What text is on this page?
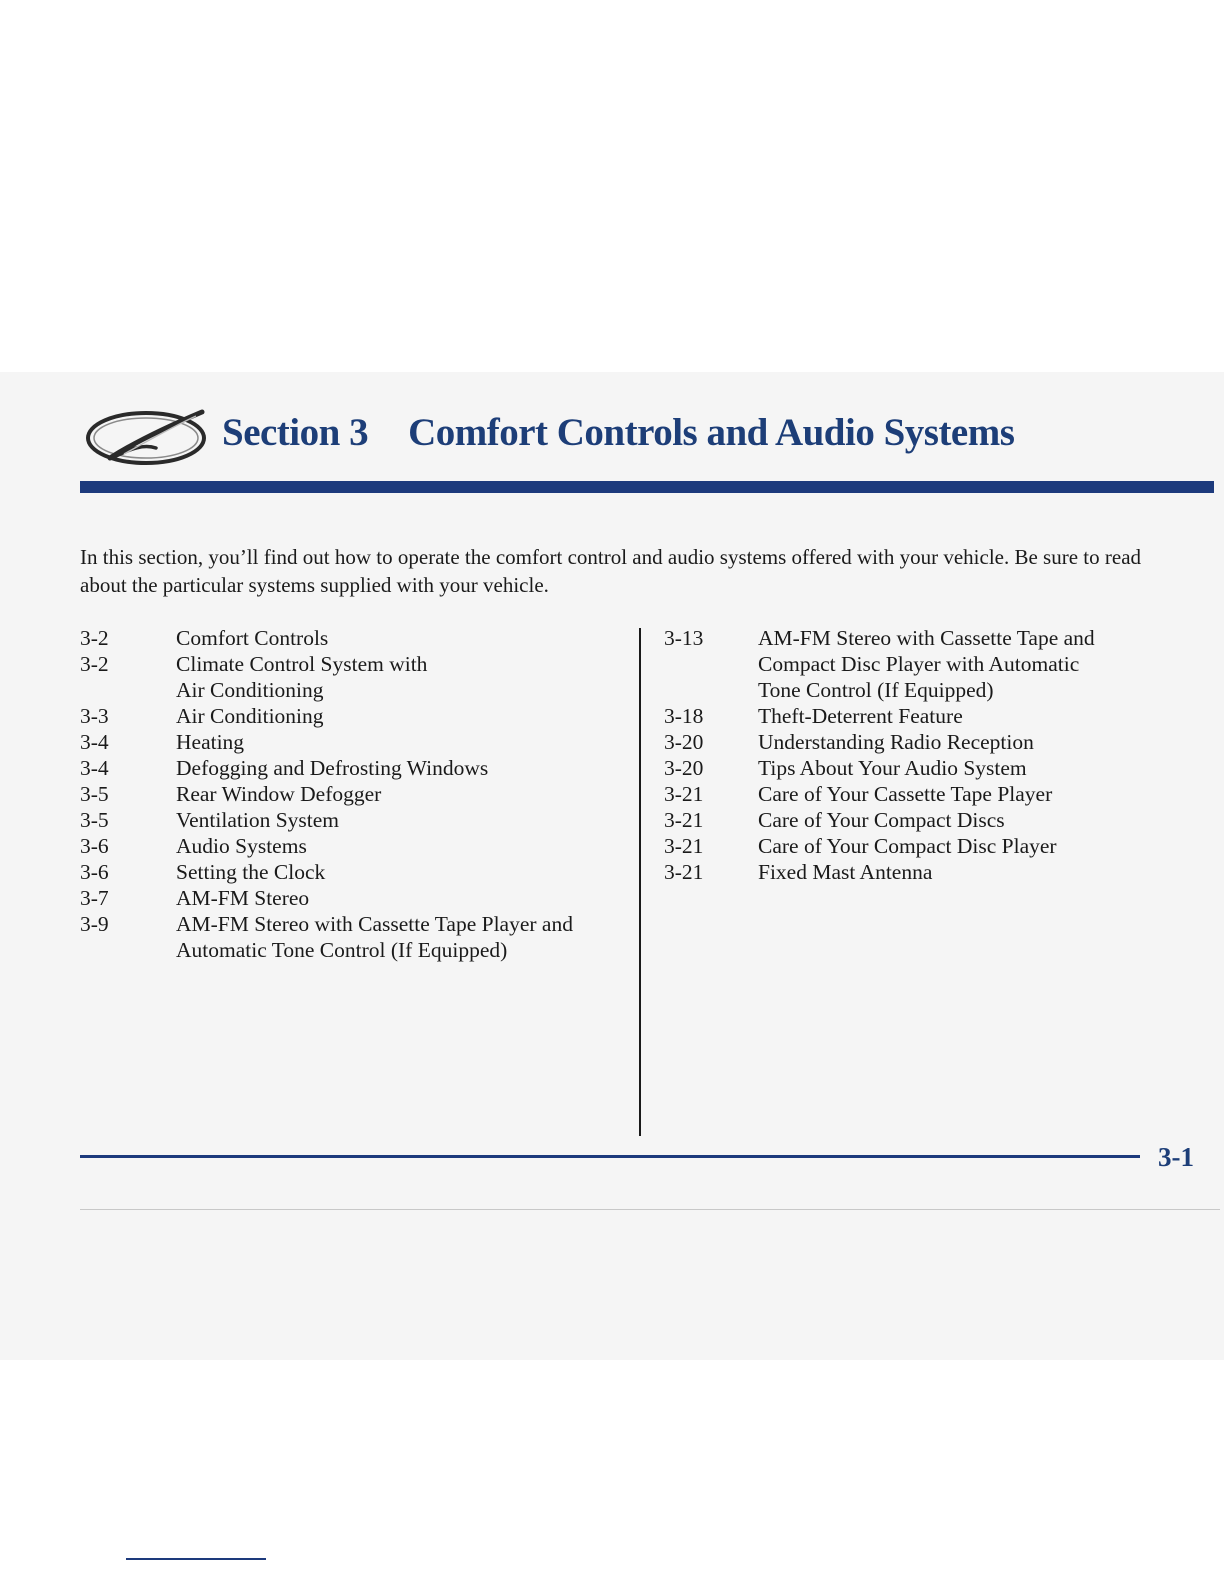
Section 3 Comfort Controls and Audio Systems

In this section, you’ll find out how to operate the comfort control and audio systems offered with your vehicle. Be sure to read about the particular systems supplied with your vehicle.

3-2	Comfort Controls
3-2	Climate Control System with
Air Conditioning
3-3	Air Conditioning
3-4	Heating
3-4	Defogging and Defrosting Windows
3-5	Rear Window Defogger
3-5	Ventilation System
3-6	Audio Systems
3-6	Setting the Clock
3-7	AM-FM Stereo
3-9	AM-FM Stereo with Cassette Tape Player and
Automatic Tone Control (If Equipped)
3-13	AM-FM Stereo with Cassette Tape and
Compact Disc Player with Automatic
Tone Control (If Equipped)
3-18	Theft-Deterrent Feature
3-20	Understanding Radio Reception
3-20	Tips About Your Audio System
3-21	Care of Your Cassette Tape Player
3-21	Care of Your Compact Discs
3-21	Care of Your Compact Disc Player
3-21	Fixed Mast Antenna

3-1
